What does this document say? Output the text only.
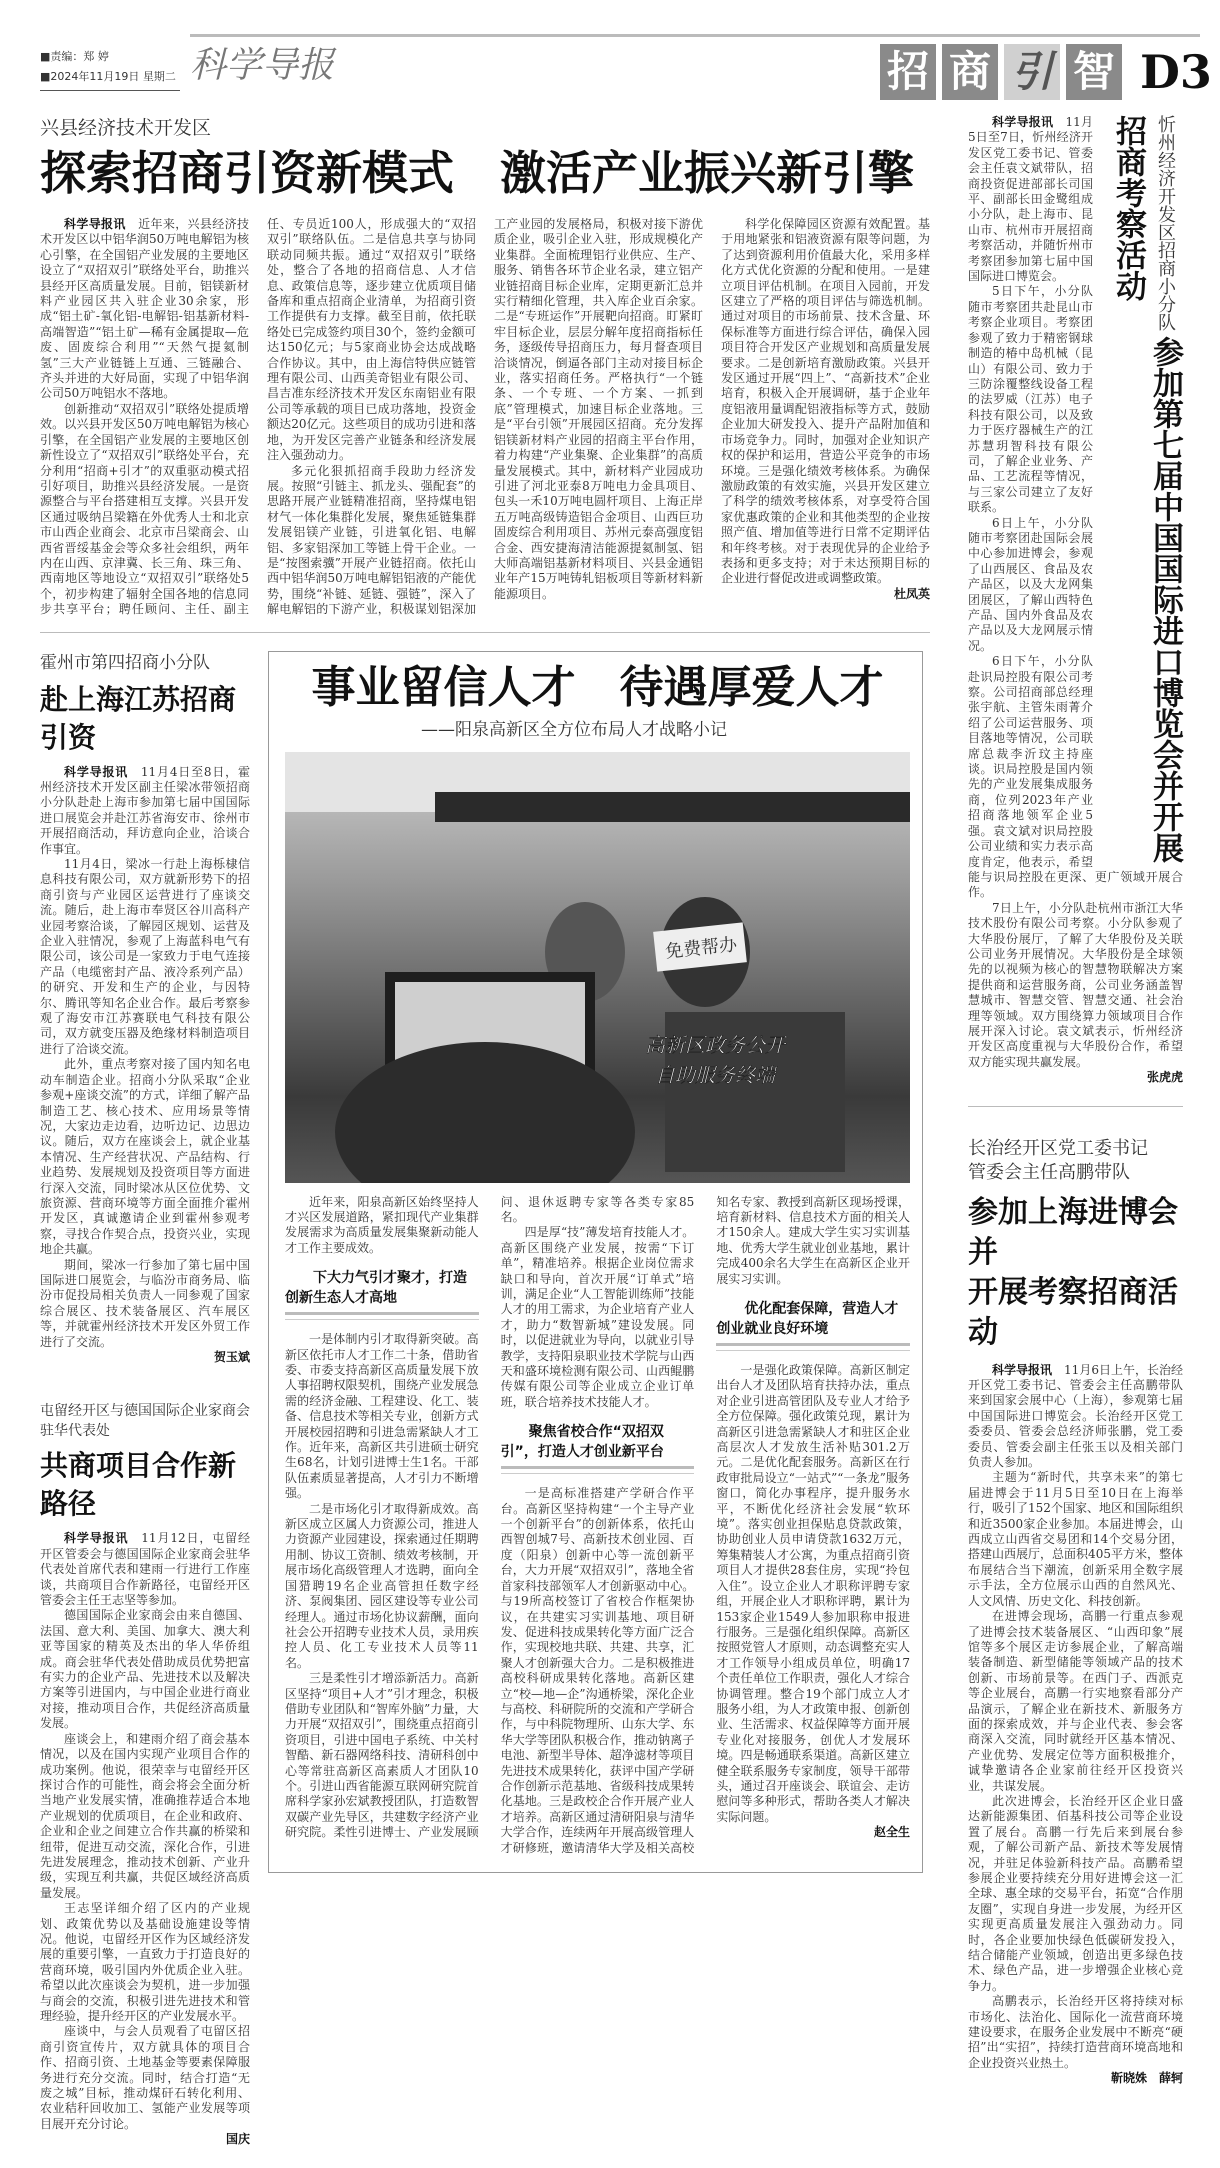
■责编：郑 婷
■2024年11月19日 星期二 科学导报	招 商 引 智 D3
兴县经济技术开发区
探索招商引资新模式　激活产业振兴新引擎

科学导报讯　 近年来，兴县经济技术开发区以中铝华润50万吨电解铝为核心引擎，在全国铝产业发展的主要地区设立了“双招双引”联络处平台，助推兴县经开区高质量发展。目前，铝镁新材料产业园区共入驻企业30余家，形成“铝土矿-氧化铝-电解铝-铝基新材料-高端智造”“铝土矿—稀有金属提取—危废、固废综合利用”“天然气提氦制氢”三大产业链链上互通、三链融合、齐头并进的大好局面，实现了中铝华润公司50万吨铝水不落地。

创新推动“双招双引”联络处提质增效。以兴县开发区50万吨电解铝为核心引擎，在全国铝产业发展的主要地区创新性设立了“双招双引”联络处平台，充分利用“招商+引才”的双重驱动模式招引好项目，助推兴县经济发展。一是资源整合与平台搭建相互支撑。兴县开发区通过吸纳吕梁籍在外优秀人士和北京市山西企业商会、北京市吕梁商会、山西省晋绥基金会等众多社会组织，两年内在山西、京津冀、长三角、珠三角、西南地区等地设立“双招双引”联络处5个，初步构建了辐射全国各地的信息同步共享平台；聘任顾问、主任、副主任、专员近100人，形成强大的“双招双引”联络队伍。二是信息共享与协同联动同频共振。通过“双招双引”联络处，整合了各地的招商信息、人才信息、政策信息等，逐步建立优质项目储备库和重点招商企业清单，为招商引资工作提供有力支撑。截至目前，依托联络处已完成签约项目30个，签约金额可达150亿元；与5家商业协会达成战略合作协议。其中，由上海信特供应链管理有限公司、山西美奇铝业有限公司、昌吉准东经济技术开发区东南铝业有限公司等承载的项目已成功落地，投资金额达20亿元。这些项目的成功引进和落地，为开发区完善产业链条和经济发展注入强劲动力。

多元化狠抓招商手段助力经济发展。按照“引链主、抓龙头、强配套”的思路开展产业链精准招商，坚持煤电铝材气一体化集群化发展，聚焦延链集群发展铝镁产业链，引进氧化铝、电解铝、多家铝深加工等链上骨干企业。一是“按图索骥”开展产业链招商。依托山西中铝华润50万吨电解铝铝液的产能优势，围绕“补链、延链、强链”，深入了解电解铝的下游产业，积极谋划铝深加工产业园的发展格局，积极对接下游优质企业，吸引企业入驻，形成规模化产业集群。全面梳理铝行业供应、生产、服务、销售各环节企业名录，建立铝产业链招商目标企业库，定期更新汇总并实行精细化管理，共入库企业百余家。二是“专班运作”开展靶向招商。盯紧盯牢目标企业，层层分解年度招商指标任务，逐级传导招商压力，每月督查项目洽谈情况，倒逼各部门主动对接目标企业，落实招商任务。严格执行“一个链条、一个专班、一个方案、一抓到底”管理模式，加速目标企业落地。三是“平台引领”开展园区招商。充分发挥铝镁新材料产业园的招商主平台作用，着力构建“产业集聚、企业集群”的高质量发展模式。其中，新材料产业园成功引进了河北亚泰8万吨电力金具项目、包头一禾10万吨电圆杆项目、上海正岸五万吨高级铸造铝合金项目、山西巨功固废综合利用项目、苏州元泰高强度铝合金、西安捷海清洁能源提氦制氢、铝大师高端铝基新材料项目、兴县金通铝业年产15万吨铸轧铝板项目等新材料新能源项目。

科学化保障园区资源有效配置。基于用地紧张和铝液资源有限等问题，为了达到资源利用价值最大化，采用多样化方式优化资源的分配和使用。一是建立项目评估机制。在项目入园前，开发区建立了严格的项目评估与筛选机制。通过对项目的市场前景、技术含量、环保标准等方面进行综合评估，确保入园项目符合开发区产业规划和高质量发展要求。二是创新培育激励政策。兴县开发区通过开展“四上”、“高新技术”企业培育，积极入企开展调研，基于企业年度铝液用量调配铝液指标等方式，鼓励企业加大研发投入、提升产品附加值和市场竞争力。同时，加强对企业知识产权的保护和运用，营造公平竞争的市场环境。三是强化绩效考核体系。为确保激励政策的有效实施，兴县开发区建立了科学的绩效考核体系，对享受符合国家优惠政策的企业和其他类型的企业按照产值、增加值等进行日常不定期评估和年终考核。对于表现优异的企业给予表扬和更多支持；对于未达预期目标的企业进行督促改进或调整政策。

杜凤英
霍州市第四招商小分队
赴上海江苏招商引资

科学导报讯　 11月4日至8日，霍州经济技术开发区副主任梁冰带领招商小分队赴赴上海市参加第七届中国国际进口展览会并赴江苏省海安市、徐州市开展招商活动，拜访意向企业，洽谈合作事宜。

11月4日，梁冰一行赴上海栎棣信息科技有限公司，双方就新形势下的招商引资与产业园区运营进行了座谈交流。随后，赴上海市奉贤区谷川高科产业园考察洽谈，了解园区规划、运营及企业入驻情况，参观了上海蓝科电气有限公司，该公司是一家致力于电气连接产品（电缆密封产品、液冷系列产品）的研究、开发和生产的企业，与因特尔、腾讯等知名企业合作。最后考察参观了海安市江苏赛联电气科技有限公司，双方就变压器及绝缘材料制造项目进行了洽谈交流。

此外，重点考察对接了国内知名电动车制造企业。招商小分队采取“企业参观+座谈交流”的方式，详细了解产品制造工艺、核心技术、应用场景等情况，大家边走边看，边听边记、边思边议。随后，双方在座谈会上，就企业基本情况、生产经营状况、产品结构、行业趋势、发展规划及投资项目等方面进行深入交流，同时梁冰从区位优势、文旅资源、营商环境等方面全面推介霍州开发区，真诚邀请企业到霍州参观考察，寻找合作契合点，投资兴业，实现地企共赢。

期间，梁冰一行参加了第七届中国国际进口展览会，与临汾市商务局、临汾市促投局相关负责人一同参观了国家综合展区、技术装备展区、汽车展区等，并就霍州经济技术开发区外贸工作进行了交流。

贺玉斌
屯留经开区与德国国际企业家商会驻华代表处
共商项目合作新路径

科学导报讯　 11月12日，屯留经开区管委会与德国国际企业家商会驻华代表处首席代表和建雨一行进行工作座谈，共商项目合作新路径，屯留经开区管委会主任王志坚等参加。

德国国际企业家商会由来自德国、法国、意大利、美国、加拿大、澳大利亚等国家的精英及杰出的华人华侨组成。商会驻华代表处借助成员优势把富有实力的企业产品、先进技术以及解决方案等引进国内，与中国企业进行商业对接，推动项目合作，共促经济高质量发展。

座谈会上，和建雨介绍了商会基本情况，以及在国内实现产业项目合作的成功案例。他说，很荣幸与屯留经开区探讨合作的可能性，商会将会全面分析当地产业发展实情，准确推荐适合本地产业规划的优质项目，在企业和政府、企业和企业之间建立合作共赢的桥梁和纽带，促进互动交流，深化合作，引进先进发展理念，推动技术创新、产业升级，实现互利共赢，共促区域经济高质量发展。

王志坚详细介绍了区内的产业规划、政策优势以及基础设施建设等情况。他说，屯留经开区作为区域经济发展的重要引擎，一直致力于打造良好的营商环境，吸引国内外优质企业入驻。希望以此次座谈会为契机，进一步加强与商会的交流，积极引进先进技术和管理经验，提升经开区的产业发展水平。

座谈中，与会人员观看了屯留区招商引资宣传片，双方就具体的项目合作、招商引资、土地基金等要素保障服务进行充分交流。同时，结合打造“无废之城”目标，推动煤矸石转化利用、农业秸秆回收加工、氢能产业发展等项目展开充分讨论。

国庆
事业留信人才　待遇厚爱人才
——阳泉高新区全方位布局人才战略小记
免费帮办
高新区政务公开
自助服务终端

近年来，阳泉高新区始终坚持人才兴区发展道路，紧扣现代产业集群发展需求为高质量发展集聚新动能人才工作主要成效。

下大力气引才聚才，打造创新生态人才高地

一是体制内引才取得新突破。高新区依托市人才工作二十条，借助省委、市委支持高新区高质量发展下放人事招聘权限契机，围绕产业发展急需的经济金融、工程建设、化工、装备、信息技术等相关专业，创新方式开展校园招聘和引进急需紧缺人才工作。近年来，高新区共引进硕士研究生68名，计划引进博士生1名。干部队伍素质显著提高，人才引力不断增强。

二是市场化引才取得新成效。高新区成立区属人力资源公司，推进人力资源产业园建设，探索通过任期聘用制、协议工资制、绩效考核制，开展市场化高级管理人才选聘，面向全国猎聘19名企业高管担任数字经济、泵阀集团、园区建设等专业公司经理人。通过市场化协议薪酬，面向社会公开招聘专业技术人员，录用疾控人员、化工专业技术人员等11名。

三是柔性引才增添新活力。高新区坚持“项目+人才”引才理念，积极借助专业团队和“智库外脑”力量，大力开展“双招双引”，围绕重点招商引资项目，引进中国电子系统、中关村智酷、新石器网络科技、清研科创中心等常驻高新区高素质人才团队10个。引进山西省能源互联网研究院首席科学家孙宏斌教授团队，打造数智双碳产业先导区，共建数字经济产业研究院。柔性引进博士、产业发展顾问、退休返聘专家等各类专家85名。

四是厚“技”薄发培育技能人才。高新区围绕产业发展，按需“下订单”，精准培养。根据企业岗位需求缺口和导向，首次开展“订单式”培训，满足企业“人工智能训练师”技能人才的用工需求，为企业培育产业人才，助力“数智新城”建设发展。同时，以促进就业为导向，以就业引导教学，支持阳泉职业技术学院与山西天和盛环境检测有限公司、山西鲲鹏传媒有限公司等企业成立企业订单班，联合培养技术技能人才。

聚焦省校合作“双招双引”，打造人才创业新平台

一是高标准搭建产学研合作平台。高新区坚持构建“一个主导产业一个创新平台”的创新体系，依托山西智创城7号、高新技术创业园、百度（阳泉）创新中心等一流创新平台，大力开展“双招双引”，落地全省首家科技部领军人才创新驱动中心。与19所高校签订了省校合作框架协议，在共建实习实训基地、项目研发、促进科技成果转化等方面广泛合作，实现校地共联、共建、共享，汇聚人才创新强大合力。二是积极推进高校科研成果转化落地。高新区建立“校—地—企”沟通桥梁，深化企业与高校、科研院所的交流和产学研合作，与中科院物理所、山东大学、东华大学等团队积极合作，推动钠离子电池、新型半导体、超净滤材等项目先进技术成果转化，获评中国产学研合作创新示范基地、省级科技成果转化基地。三是政校企合作开展产业人才培养。高新区通过清研阳泉与清华大学合作，连续两年开展高级管理人才研修班，邀请清华大学及相关高校知名专家、教授到高新区现场授课，培育新材料、信息技术方面的相关人才150余人。建成大学生实习实训基地、优秀大学生就业创业基地，累计完成400余名大学生在高新区企业开展实习实训。

优化配套保障，营造人才创业就业良好环境

一是强化政策保障。高新区制定出台人才及团队培育扶持办法，重点对企业引进高管团队及专业人才给予全方位保障。强化政策兑现，累计为高新区引进急需紧缺人才和驻区企业高层次人才发放生活补贴301.2万元。二是优化配套服务。高新区在行政审批局设立“一站式”“一条龙”服务窗口，简化办事程序，提升服务水平，不断优化经济社会发展“软环境”。落实创业担保贴息贷款政策，协助创业人员申请贷款1632万元，筹集精装人才公寓，为重点招商引资项目人才提供28套住房，实现“拎包入住”。设立企业人才职称评聘专家组，开展企业人才职称评聘，累计为153家企业1549人参加职称申报进行服务。三是强化组织保障。高新区按照党管人才原则，动态调整充实人才工作领导小组成员单位，明确17个责任单位工作职责，强化人才综合协调管理。整合19个部门成立人才服务小组，为人才政策申报、创新创业、生活需求、权益保障等方面开展专业化对接服务，创优人才发展环境。四是畅通联系渠道。高新区建立健全联系服务专家制度，领导干部带头，通过召开座谈会、联谊会、走访慰问等多种形式，帮助各类人才解决实际问题。

赵全生
忻州经济开发区招商小分队 参加第七届中国国际进口博览会并开展招商考察活动

科学导报讯　 11月5日至7日，忻州经济开发区党工委书记、管委会主任袁文斌带队，招商投资促进部部长司国平、副部长田金鹭组成小分队，赴上海市、昆山市、杭州市开展招商考察活动，并随忻州市考察团参加第七届中国国际进口博览会。

5日下午，小分队随市考察团共赴昆山市考察企业项目。考察团参观了致力于精密钢球制造的椿中岛机械（昆山）有限公司、致力于三防涂覆整线设备工程的法罗威（江苏）电子科技有限公司，以及致力于医疗器械生产的江苏慧玥智科技有限公司，了解企业业务、产品、工艺流程等情况，与三家公司建立了友好联系。

6日上午，小分队随市考察团赴国际会展中心参加进博会，参观了山西展区、食品及农产品区，以及大龙网集团展区，了解山西特色产品、国内外食品及农产品以及大龙网展示情况。

6日下午，小分队赴识局控股有限公司考察。公司招商部总经理张宇航、主管朱雨菁介绍了公司运营服务、项目落地等情况，公司联席总裁李沂玟主持座谈。识局控股是国内领先的产业发展集成服务商，位列2023年产业招商落地领军企业5强。袁文斌对识局控股公司业绩和实力表示高度肯定，他表示，希望能与识局控股在更深、更广领域开展合作。

7日上午，小分队赴杭州市浙江大华技术股份有限公司考察。小分队参观了大华股份展厅，了解了大华股份及关联公司业务开展情况。大华股份是全球领先的以视频为核心的智慧物联解决方案提供商和运营服务商，公司业务涵盖智慧城市、智慧交管、智慧交通、社会治理等领域。双方围绕算力领域项目合作展开深入讨论。袁文斌表示，忻州经济开发区高度重视与大华股份合作，希望双方能实现共赢发展。

张虎虎
长治经开区党工委书记
管委会主任高鹏带队
参加上海进博会并
开展考察招商活动

科学导报讯　 11月6日上午，长治经开区党工委书记、管委会主任高鹏带队来到国家会展中心（上海），参观第七届中国国际进口博览会。长治经开区党工委委员、管委会总经济师张鹏，党工委委员、管委会副主任张玉以及相关部门负责人参加。

主题为“新时代，共享未来”的第七届进博会于11月5日至10日在上海举行，吸引了152个国家、地区和国际组织和近3500家企业参加。本届进博会，山西成立山西省交易团和14个交易分团，搭建山西展厅，总面积405平方米，整体布展结合当下潮流，创新采用全数字展示手法，全方位展示山西的自然风光、人文风情、历史文化、科技创新。

在进博会现场，高鹏一行重点参观了进博会技术装备展区、“山西印象”展馆等多个展区走访参展企业，了解高端装备制造、新型储能等领域产品的技术创新、市场前景等。在西门子、西派克等企业展台，高鹏一行实地察看部分产品演示，了解企业在新技术、新服务方面的探索成效，并与企业代表、参会客商深入交流，同时就经开区基本情况、产业优势、发展定位等方面积极推介，诚挚邀请各企业家前往经开区投资兴业，共谋发展。

此次进博会，长治经开区企业日盛达新能源集团、佰基科技公司等企业设置了展台。高鹏一行先后来到展台参观，了解公司新产品、新技术等发展情况，并驻足体验新科技产品。高鹏希望参展企业要持续充分用好进博会这一汇全球、惠全球的交易平台，拓宽“合作朋友圈”，实现自身进一步发展，为经开区实现更高质量发展注入强劲动力。同时，各企业要加快绿色低碳研发投入，结合储能产业领域，创造出更多绿色技术、绿色产品，进一步增强企业核心竞争力。

高鹏表示，长治经开区将持续对标市场化、法治化、国际化一流营商环境建设要求，在服务企业发展中不断亮“硬招”出“实招”，持续打造营商环境高地和企业投资兴业热土。

靳晓姝　薛轲
